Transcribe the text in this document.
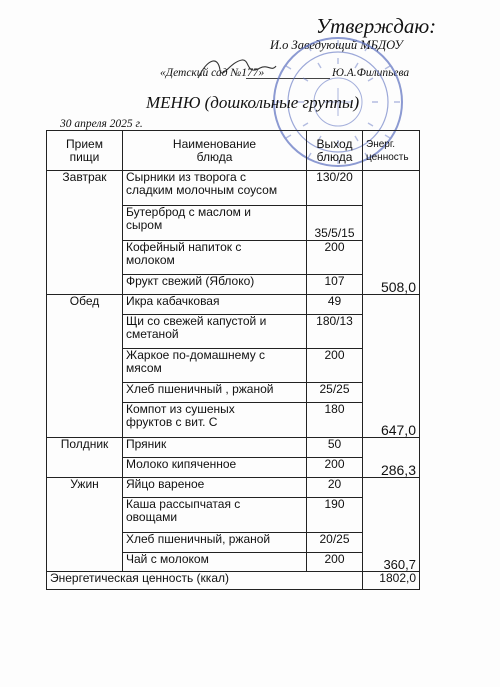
Утверждаю:
И.о Заведующий МБДОУ
«Детский сад №177»	Ю.А.Филипьева
МЕНЮ (дошкольные группы)
30 апреля 2025 г.
Прием
пищи	Наименование
блюда	Выход
блюда	Энерг.
ценность
Завтрак	Сырники из творога с
сладким молочным соусом	130/20	508,0
	Бутерброд с маслом и
сыром	35/5/15	
	Кофейный напиток с
молоком	200	
	Фрукт свежий (Яблоко)	107	
Обед	Икра кабачковая	49	647,0
	Щи со свежей капустой и
сметаной	180/13	
	Жаркое по-домашнему с
мясом	200	
	Хлеб пшеничный , ржаной	25/25	
	Компот из сушеных
фруктов с вит. С	180	
Полдник	Пряник	50	286,3
	Молоко кипяченное	200	
Ужин	Яйцо вареное	20	360,7
	Каша рассыпчатая с
овощами	190	
	Хлеб пшеничный, ржаной	20/25	
	Чай с молоком	200	
Энергетическая ценность (ккал)			1802,0
